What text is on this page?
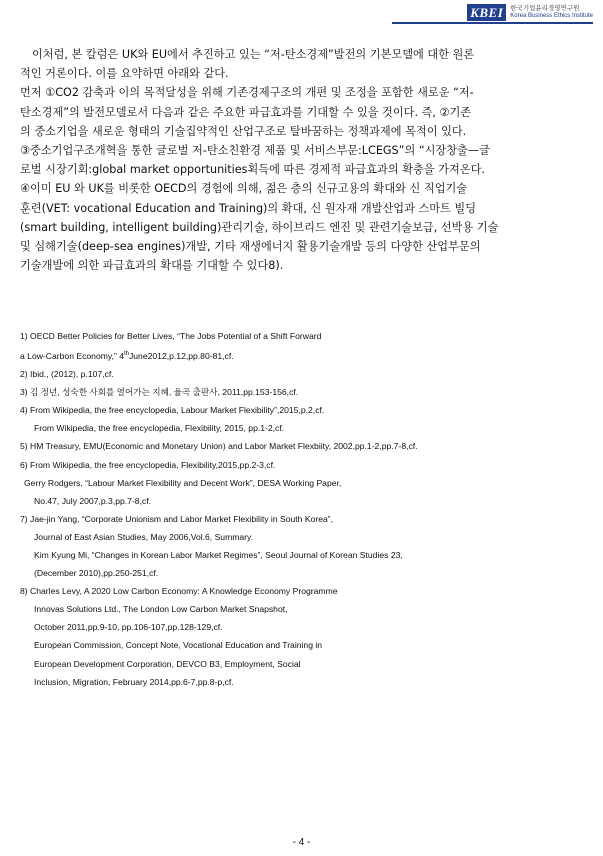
KBEI	한국기업윤리경영연구원
Korea Business Ethics Institute

이처럼, 본 칼럼은 UK와 EU에서 추진하고 있는 “저-탄소경제”발전의 기본모델에 대한 원론

적인 거론이다. 이를 요약하면 아래와 같다.

먼저 ①CO2 감축과 이의 목적달성을 위해 기존경제구조의 개편 및 조정을 포함한 새로운 “저-

탄소경제”의 발전모델로서 다음과 같은 주요한 파급효과를 기대할 수 있을 것이다. 즉, ②기존

의 중소기업을 새로운 형태의 기술집약적인 산업구조로 탈바꿈하는 정책과제에 목적이 있다.

③중소기업구조개혁을 통한 글로벌 저-탄소친환경 제품 및 서비스부문:LCEGS”의 “시장창출—글

로벌 시장기회:global market opportunities획득에 따른 경제적 파급효과의 확충을 가져온다.

④이미 EU 와 UK를 비롯한 OECD의 경험에 의해, 젊은 층의 신규고용의 확대와 신 직업기술

훈련(VET: vocational Education and Training)의 확대, 신 원자재 개발산업과 스마트 빌딩

(smart building, intelligent building)관리기술, 하이브리드 엔진 및 관련기술보급, 선박용 기술

및 심해기술(deep-sea engines)개발, 기타 재생에너지 활용기술개발 등의 다양한 산업부문의

기술개발에 의한 파급효과의 확대를 기대할 수 있다8).

1) OECD Better Policies for Better Lives, “The Jobs Potential of a Shift Forward
a Low-Carbon Economy,” 4thJune2012,p.12,pp.80-81,cf.
2) Ibid., (2012), p.107,cf.
3) 김 정년, 성숙한 사회를 열어가는 지혜, 율곡 출판사, 2011,pp.153-156,cf.
4) From Wikipedia, the free encyclopedia, Labour Market Flexibility”,2015,p.2,cf.
From Wikipedia, the free encyclopedia, Flexibility, 2015, pp.1-2,cf.
5) HM Treasury, EMU(Economic and Monetary Union) and Labor Market Flexbiity, 2002,pp.1-2,pp.7-8,cf.
6) From Wikipedia, the free encyclopedia, Flexibility,2015,pp.2-3,cf.
Gerry Rodgers, “Labour Market Flexibility and Decent Work”, DESA Working Paper,
No.47, July 2007,p.3,pp.7-8,cf.
7) Jae-jin Yang, “Corporate Unionism and Labor Market Flexibility in South Korea”,
Journal of East Asian Studies, May 2006,Vol.6, Summary.
Kim Kyung Mi, “Changes in Korean Labor Market Regimes”, Seoul Journal of Korean Studies 23,
(December 2010),pp.250-251,cf.
8) Charles Levy, A 2020 Low Carbon Economy: A Knowledge Economy Programme
Innovas Solutions Ltd., The London Low Carbon Market Snapshot,
October 2011,pp.9-10, pp.106-107,pp.128-129,cf.
European Commission, Concept Note, Vocational Education and Training in
European Development Corporation, DEVCO B3, Employment, Social
Inclusion, Migration, February 2014,pp.6-7,pp.8-p,cf.
- 4 -
